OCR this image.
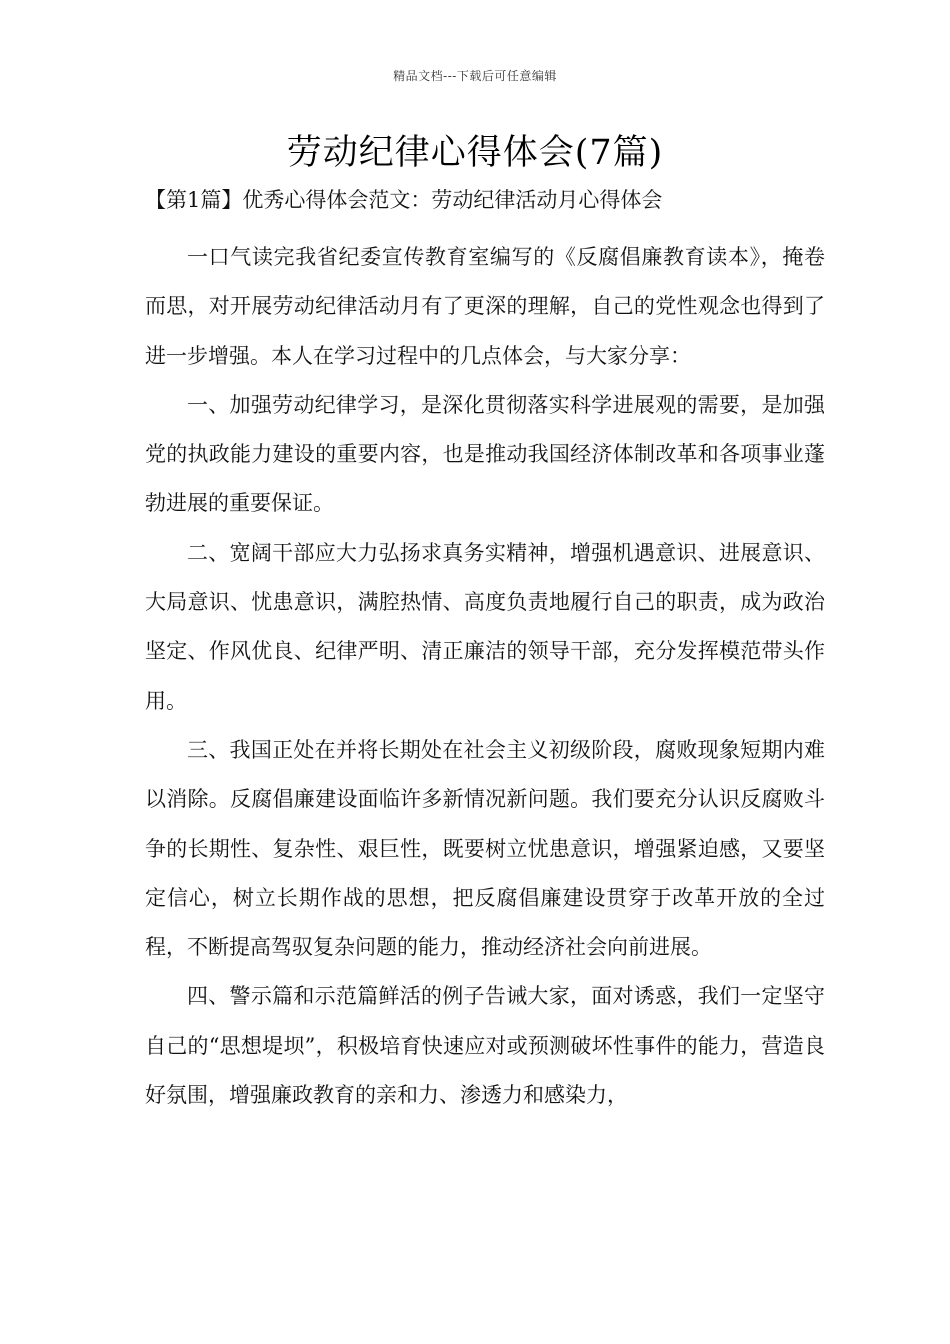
精品文档---下载后可任意编辑
劳动纪律心得体会(7篇)
【第1篇】优秀心得体会范文：劳动纪律活动月心得体会

一口气读完我省纪委宣传教育室编写的《反腐倡廉教育读本》，掩卷而思，对开展劳动纪律活动月有了更深的理解，自己的党性观念也得到了进一步增强。本人在学习过程中的几点体会，与大家分享：

一、加强劳动纪律学习，是深化贯彻落实科学进展观的需要，是加强党的执政能力建设的重要内容，也是推动我国经济体制改革和各项事业蓬勃进展的重要保证。

二、宽阔干部应大力弘扬求真务实精神，增强机遇意识、进展意识、大局意识、忧患意识，满腔热情、高度负责地履行自己的职责，成为政治坚定、作风优良、纪律严明、清正廉洁的领导干部，充分发挥模范带头作用。

三、我国正处在并将长期处在社会主义初级阶段，腐败现象短期内难以消除。反腐倡廉建设面临许多新情况新问题。我们要充分认识反腐败斗争的长期性、复杂性、艰巨性，既要树立忧患意识，增强紧迫感，又要坚定信心，树立长期作战的思想，把反腐倡廉建设贯穿于改革开放的全过程，不断提高驾驭复杂问题的能力，推动经济社会向前进展。

四、警示篇和示范篇鲜活的例子告诫大家，面对诱惑，我们一定坚守自己的“思想堤坝”，积极培育快速应对或预测破坏性事件的能力，营造良好氛围，增强廉政教育的亲和力、渗透力和感染力，
